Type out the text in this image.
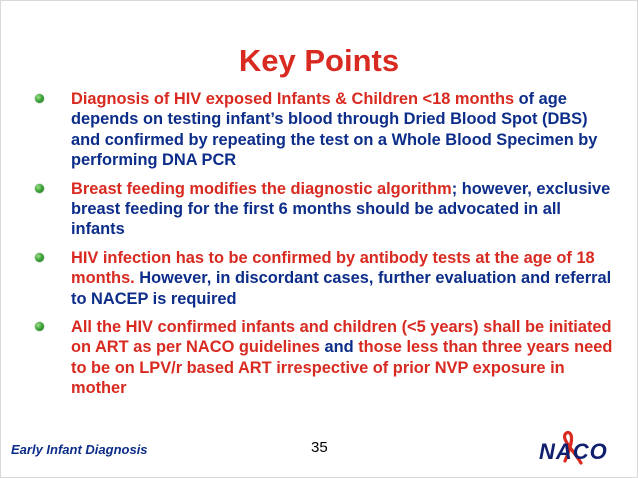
Key Points
Diagnosis of HIV exposed Infants & Children <18 months of age depends on testing infant’s blood through Dried Blood Spot (DBS) and confirmed by repeating the test on a Whole Blood Specimen by performing DNA PCR
Breast feeding modifies the diagnostic algorithm; however, exclusive breast feeding for the first 6 months should be advocated in all infants
HIV infection has to be confirmed by antibody tests at the age of 18 months. However, in discordant cases, further evaluation and referral to NACEP is required
All the HIV confirmed infants and children (<5 years) shall be initiated on ART as per NACO guidelines and those less than three years need to be on LPV/r based ART irrespective of prior NVP exposure in mother
Early Infant Diagnosis	35	NACO
